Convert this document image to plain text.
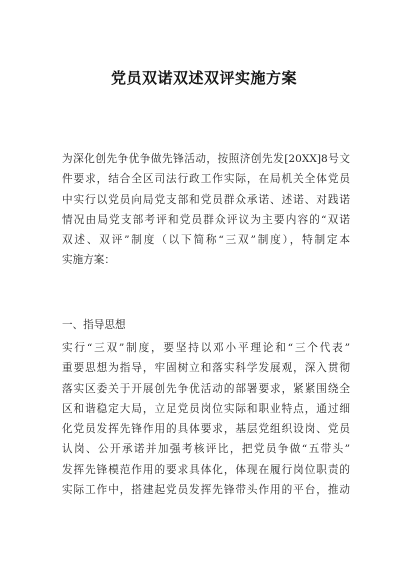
党员双诺双述双评实施方案
为深化创先争优争做先锋活动，按照济创先发[20XX]8号文
件要求，结合全区司法行政工作实际，在局机关全体党员
中实行以党员向局党支部和党员群众承诺、述诺、对践诺
情况由局党支部考评和党员群众评议为主要内容的“双诺
双述、双评”制度（以下简称“三双”制度），特制定本
实施方案：
一、指导思想
实行“三双”制度，要坚持以邓小平理论和“三个代表”
重要思想为指导，牢固树立和落实科学发展观，深入贯彻
落实区委关于开展创先争优活动的部署要求，紧紧围绕全
区和谐稳定大局，立足党员岗位实际和职业特点，通过细
化党员发挥先锋作用的具体要求，基层党组织设岗、党员
认岗、公开承诺并加强考核评比，把党员争做“五带头”
发挥先锋模范作用的要求具体化，体现在履行岗位职责的
实际工作中，搭建起党员发挥先锋带头作用的平台，推动
